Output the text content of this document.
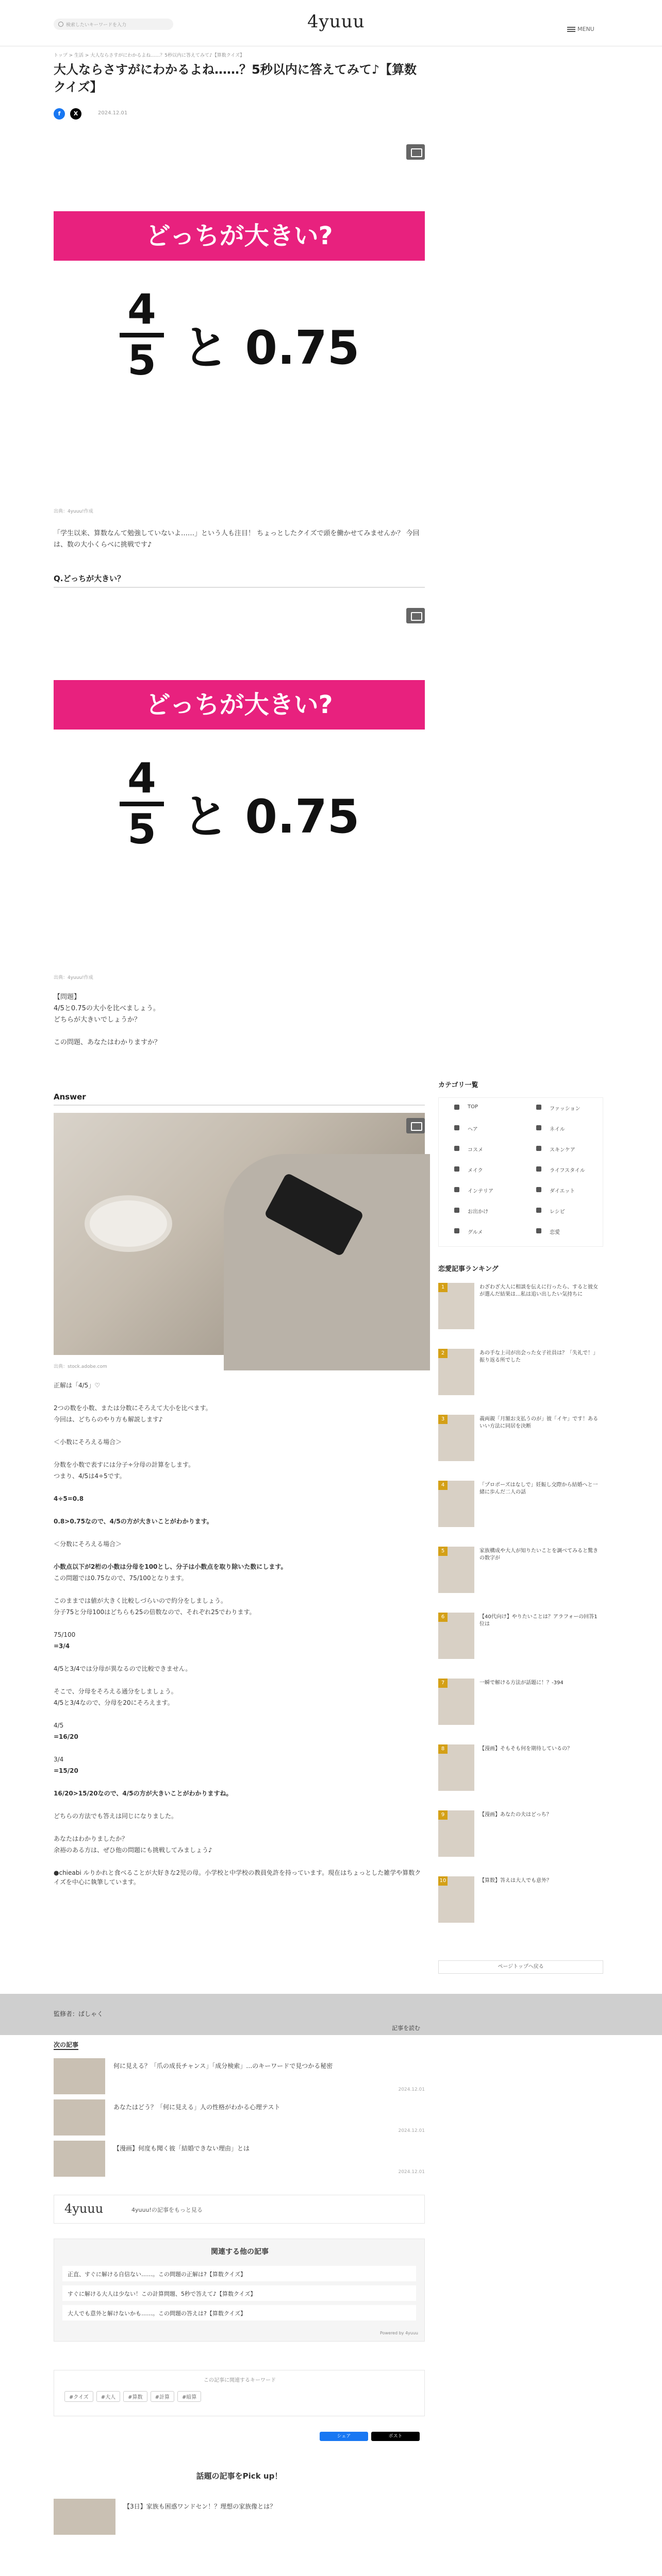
検索したいキーワードを入力	4yuuu	MENU
トップ > 生活 > 大人ならさすがにわかるよね……？5秒以内に答えてみて♪【算数クイズ】
大人ならさすがにわかるよね……？5秒以内に答えてみて♪【算数クイズ】
f	X	2024.12.01
どっちが大きい?
4
5 と 0.75
出典：4yuuu!作成
「学生以来、算数なんて勉強していないよ……」という人も注目！ ちょっとしたクイズで頭を働かせてみませんか？ 今回は、数の大小くらべに挑戦です♪
Q.どっちが大きい？
どっちが大きい?
4
5 と 0.75
出典：4yuuu!作成

【問題】

4/5と0.75の大小を比べましょう。

どちらが大きいでしょうか？

この問題、あなたはわかりますか？

Answer
出典：stock.adobe.com

正解は「4/5」♡

2つの数を小数、または分数にそろえて大小を比べます。

今回は、どちらのやり方も解説します♪

＜小数にそろえる場合＞

分数を小数で表すには分子÷分母の計算をします。

つまり、4/5は4÷5です。

4÷5=0.8

0.8>0.75なので、4/5の方が大きいことがわかります。

＜分数にそろえる場合＞

小数点以下が2桁の小数は分母を100とし、分子は小数点を取り除いた数にします。

この問題では0.75なので、75/100となります。

このままでは値が大きく比較しづらいので約分をしましょう。

分子75と分母100はどちらも25の倍数なので、それぞれ25でわります。

75/100

=3/4

4/5と3/4では分母が異なるので比較できません。

そこで、分母をそろえる通分をしましょう。

4/5と3/4なので、分母を20にそろえます。

4/5

=16/20

3/4

=15/20

16/20>15/20なので、4/5の方が大きいことがわかりますね。

どちらの方法でも答えは同じになりました。

あなたはわかりましたか？

余裕のある方は、ぜひ他の問題にも挑戦してみましょう♪

●chieabi ルりかれと食べることが大好きな2児の母。小学校と中学校の教員免許を持っています。現在はちょっとした雑学や算数クイズを中心に執筆しています。

カテゴリ一覧
TOP	ファッション
ヘア	ネイル
コスメ	スキンケア
メイク	ライフスタイル
インテリア	ダイエット
お出かけ	レシピ
グルメ	恋愛
恋愛記事ランキング
1	わざわざ大人に相談を伝えに行ったら、すると彼女が選んだ結果は…私は追い出したい気持ちに
2	あの手な上司が出会った女子社員は？「失礼で！」振り返る所でした
3	義両親「月額お支払うのが」彼「イヤ」です！あるいい方法に同居を決断
4	「プロポーズはなしで」妊娠し交際から結婚へと一緒に歩んだ二人の話
5	家族構成や大人が知りたいことを調べてみると驚きの数字が
6	【40代向け】やりたいことは？アラフォーの回答1位は
7	一瞬で解ける方法が話題に！？-394
8	【漫画】そもそも何を期待しているの？
9	【漫画】あなたの夫はどっち？
10	【算数】答えは大人でも意外？
ページトップへ戻る
監修者：ぱしゃく
記事を読む
次の記事
何に見える？「爪の成長チャンス」「成分検索」…のキーワードで見つかる秘密
2024.12.01
あなたはどう？「何に見える」人の性格がわかる心理テスト
2024.12.01
【漫画】何度も聞く彼「結婚できない理由」とは
2024.12.01
4yuuu	4yuuu!の記事をもっと見る
関連する他の記事
正直、すぐに解ける自信ない……。この問題の正解は?【算数クイズ】
すぐに解ける大人は少ない！この計算問題、5秒で答えて♪【算数クイズ】
大人でも意外と解けないかも……。この問題の答えは?【算数クイズ】
Powered by 4yuuu
この記事に関連するキーワード
#クイズ #大人 #算数 #計算 #暗算
シェア	ポスト
話題の記事をPick up！
【3日】家族も困惑ワンドセン！？理想の家族像とは？
